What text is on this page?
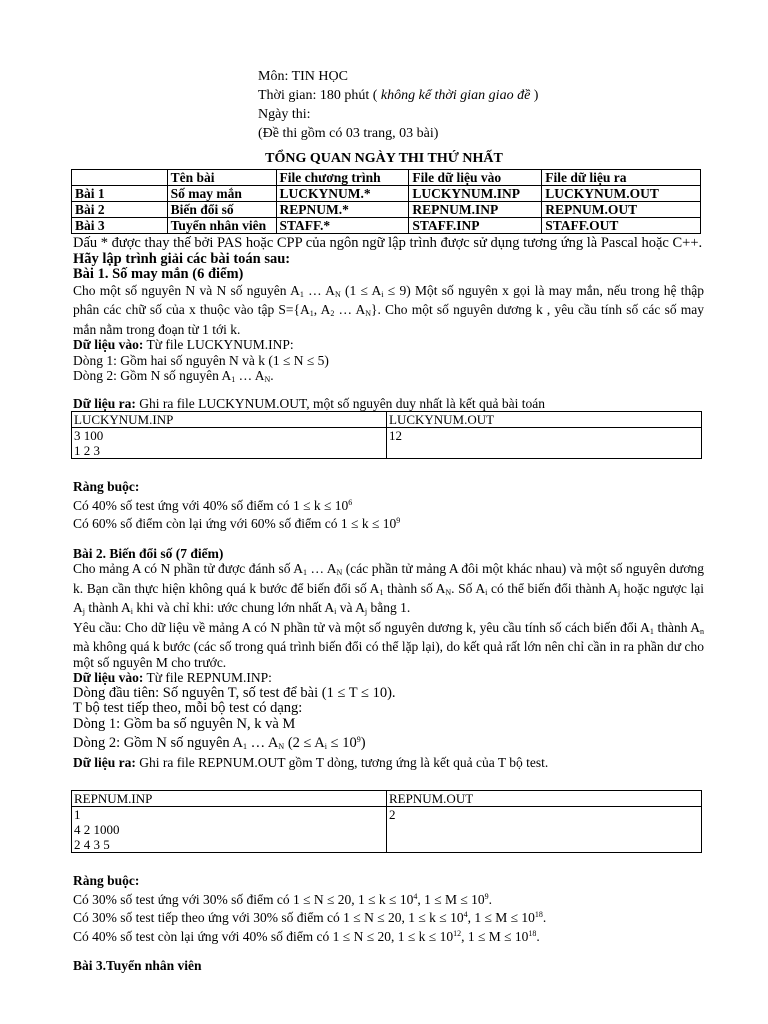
Môn: TIN HỌC
Thời gian: 180 phút ( không kể thời gian giao đề )
Ngày thi:
(Đề thi gồm có 03 trang, 03 bài)
TỔNG QUAN NGÀY THI THỨ NHẤT
	Tên bài	File chương trình	File dữ liệu vào	File dữ liệu ra
Bài 1	Số may mắn	LUCKYNUM.*	LUCKYNUM.INP	LUCKYNUM.OUT
Bài 2	Biến đổi số	REPNUM.*	REPNUM.INP	REPNUM.OUT
Bài 3	Tuyển nhân viên	STAFF.*	STAFF.INP	STAFF.OUT

Dấu * được thay thế bởi PAS hoặc CPP của ngôn ngữ lập trình được sử dụng tương ứng là Pascal hoặc C++.

Hãy lập trình giải các bài toán sau:

Bài 1. Số may mắn (6 điểm)

Cho một số nguyên N và N số nguyên $A_1$ … $A_N$ $(1 \le A_i \le 9)$ Một số nguyên x gọi là may mắn, nếu trong hệ thập phân các chữ số của x thuộc vào tập $S=\{A_1$, $A_2$ … $A_N$}. Cho một số nguyên dương k , yêu cầu tính số các số may mắn nằm trong đoạn từ 1 tới k.

Dữ liệu vào: Từ file LUCKYNUM.INP:

Dòng 1: Gồm hai số nguyên N và k (1 ≤ N ≤ 5)

Dòng 2: Gồm N số nguyên $A_1$ … $A_N$.

Dữ liệu ra: Ghi ra file LUCKYNUM.OUT, một số nguyên duy nhất là kết quả bài toán

LUCKYNUM.INP	LUCKYNUM.OUT

3 100
1 2 3	12

Ràng buộc:

Có 40% số test ứng với 40% số điểm có $1 \le k \le 10^6$

Có 60% số điểm còn lại ứng với 60% số điểm có $1 \le k \le 10^9$

Bài 2. Biến đổi số (7 điểm)

Cho mảng A có N phần tử được đánh số $A_1$ … $A_N$ (các phần tử mảng A đôi một khác nhau) và một số nguyên dương k. Bạn cần thực hiện không quá k bước để biến đổi số $A_1$ thành số $A_N$. Số $A_i$ có thể biến đổi thành $A_j$ hoặc ngược lại $A_j$ thành $A_i$ khi và chỉ khi: ước chung lớn nhất $A_i$ và $A_j$ bằng 1.

Yêu cầu: Cho dữ liệu về mảng A có N phần tử và một số nguyên dương k, yêu cầu tính số cách biến đổi $A_1$ thành $A_n$ mà không quá k bước (các số trong quá trình biến đổi có thể lặp lại), do kết quả rất lớn nên chỉ cần in ra phần dư cho một số nguyên M cho trước.

Dữ liệu vào: Từ file REPNUM.INP:

Dòng đầu tiên: Số nguyên T, số test để bài (1 ≤ T ≤ 10).

T bộ test tiếp theo, mỗi bộ test có dạng:

Dòng 1: Gồm ba số nguyên N, k và M

Dòng 2: Gồm N số nguyên $A_1$ … $A_N$ $(2 \le A_i \le 10^9)$

Dữ liệu ra: Ghi ra file REPNUM.OUT gồm T dòng, tương ứng là kết quả của T bộ test.

REPNUM.INP	REPNUM.OUT

1
4 2 1000
2 4 3 5	2

Ràng buộc:

Có 30% số test ứng với 30% số điểm có 1 ≤ N ≤ 20, $1 \le k \le 10^4$, $1 \le M \le 10^9$.

Có 30% số test tiếp theo ứng với 30% số điểm có 1 ≤ N ≤ 20, $1 \le k \le 10^4$, $1 \le M \le 10^{18}$.

Có 40% số test còn lại ứng với 40% số điểm có 1 ≤ N ≤ 20, $1 \le k \le 10^{12}$, $1 \le M \le 10^{18}$.

Bài 3.Tuyển nhân viên
